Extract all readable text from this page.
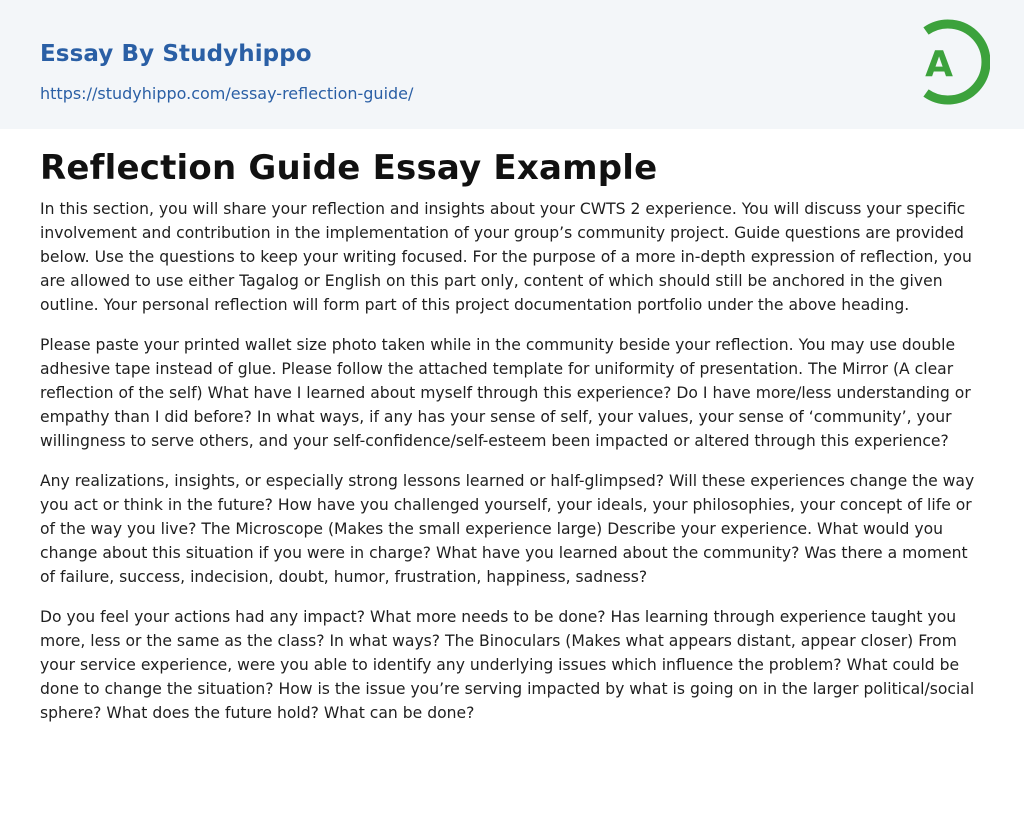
Essay By Studyhippo
https://studyhippo.com/essay-reflection-guide/
A
Reflection Guide Essay Example

In this section, you will share your reflection and insights about your CWTS 2 experience. You will discuss your specific involvement and contribution in the implementation of your group’s community project. Guide questions are provided below. Use the questions to keep your writing focused. For the purpose of a more in-depth expression of reflection, you are allowed to use either Tagalog or English on this part only, content of which should still be anchored in the given outline. Your personal reflection will form part of this project documentation portfolio under the above heading.

Please paste your printed wallet size photo taken while in the community beside your reflection. You may use double adhesive tape instead of glue. Please follow the attached template for uniformity of presentation. The Mirror (A clear reflection of the self) What have I learned about myself through this experience? Do I have more/less understanding or empathy than I did before? In what ways, if any has your sense of self, your values, your sense of ‘community’, your willingness to serve others, and your self-confidence/self-esteem been impacted or altered through this experience?

Any realizations, insights, or especially strong lessons learned or half-glimpsed? Will these experiences change the way you act or think in the future? How have you challenged yourself, your ideals, your philosophies, your concept of life or of the way you live? The Microscope (Makes the small experience large) Describe your experience. What would you change about this situation if you were in charge? What have you learned about the community? Was there a moment of failure, success, indecision, doubt, humor, frustration, happiness, sadness?

Do you feel your actions had any impact? What more needs to be done? Has learning through experience taught you more, less or the same as the class? In what ways? The Binoculars (Makes what appears distant, appear closer) From your service experience, were you able to identify any underlying issues which influence the problem? What could be done to change the situation? How is the issue you’re serving impacted by what is going on in the larger political/social sphere? What does the future hold? What can be done?
